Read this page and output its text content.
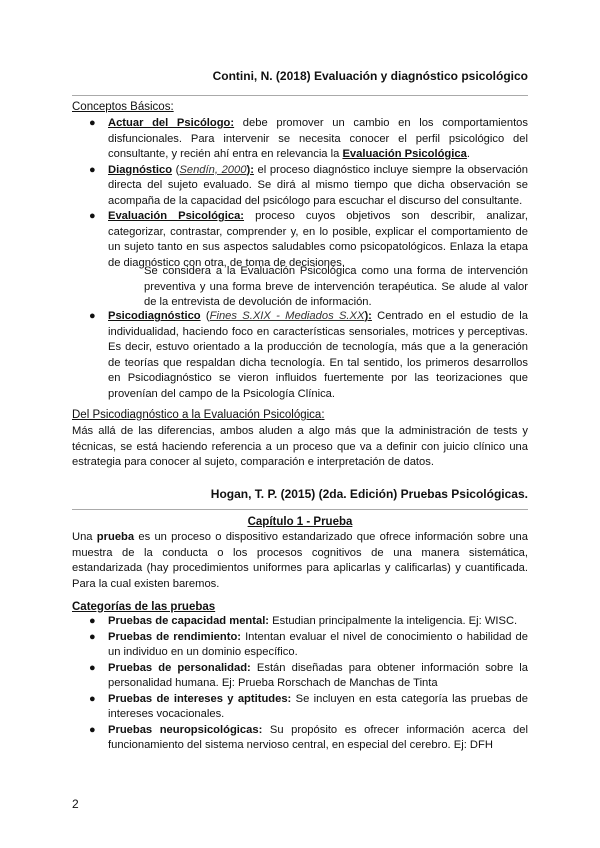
Contini, N. (2018) Evaluación y diagnóstico psicológico
Conceptos Básicos:
● Actuar del Psicólogo: debe promover un cambio en los comportamientos disfuncionales. Para intervenir se necesita conocer el perfil psicológico del consultante, y recién ahí entra en relevancia la Evaluación Psicológica.
● Diagnóstico (Sendín, 2000): el proceso diagnóstico incluye siempre la observación directa del sujeto evaluado. Se dirá al mismo tiempo que dicha observación se acompaña de la capacidad del psicólogo para escuchar el discurso del consultante.
● Evaluación Psicológica: proceso cuyos objetivos son describir, analizar, categorizar, contrastar, comprender y, en lo posible, explicar el comportamiento de un sujeto tanto en sus aspectos saludables como psicopatológicos. Enlaza la etapa de diagnóstico con otra, de toma de decisiones.
Se considera a la Evaluación Psicológica como una forma de intervención preventiva y una forma breve de intervención terapéutica. Se alude al valor de la entrevista de devolución de información.
● Psicodiagnóstico (Fines S.XIX - Mediados S.XX): Centrado en el estudio de la individualidad, haciendo foco en características sensoriales, motrices y perceptivas. Es decir, estuvo orientado a la producción de tecnología, más que a la generación de teorías que respaldan dicha tecnología. En tal sentido, los primeros desarrollos en Psicodiagnóstico se vieron influidos fuertemente por las teorizaciones que provenían del campo de la Psicología Clínica.
Del Psicodiagnóstico a la Evaluación Psicológica:
Más allá de las diferencias, ambos aluden a algo más que la administración de tests y técnicas, se está haciendo referencia a un proceso que va a definir con juicio clínico una estrategia para conocer al sujeto, comparación e interpretación de datos.
Hogan, T. P. (2015) (2da. Edición) Pruebas Psicológicas.
Capítulo 1 - Prueba
Una prueba es un proceso o dispositivo estandarizado que ofrece información sobre una muestra de la conducta o los procesos cognitivos de una manera sistemática, estandarizada (hay procedimientos uniformes para aplicarlas y calificarlas) y cuantificada. Para la cual existen baremos.
Categorías de las pruebas
● Pruebas de capacidad mental: Estudian principalmente la inteligencia. Ej: WISC.
● Pruebas de rendimiento: Intentan evaluar el nivel de conocimiento o habilidad de un individuo en un dominio específico.
● Pruebas de personalidad: Están diseñadas para obtener información sobre la personalidad humana. Ej: Prueba Rorschach de Manchas de Tinta
● Pruebas de intereses y aptitudes: Se incluyen en esta categoría las pruebas de intereses vocacionales.
● Pruebas neuropsicológicas: Su propósito es ofrecer información acerca del funcionamiento del sistema nervioso central, en especial del cerebro. Ej: DFH
2
